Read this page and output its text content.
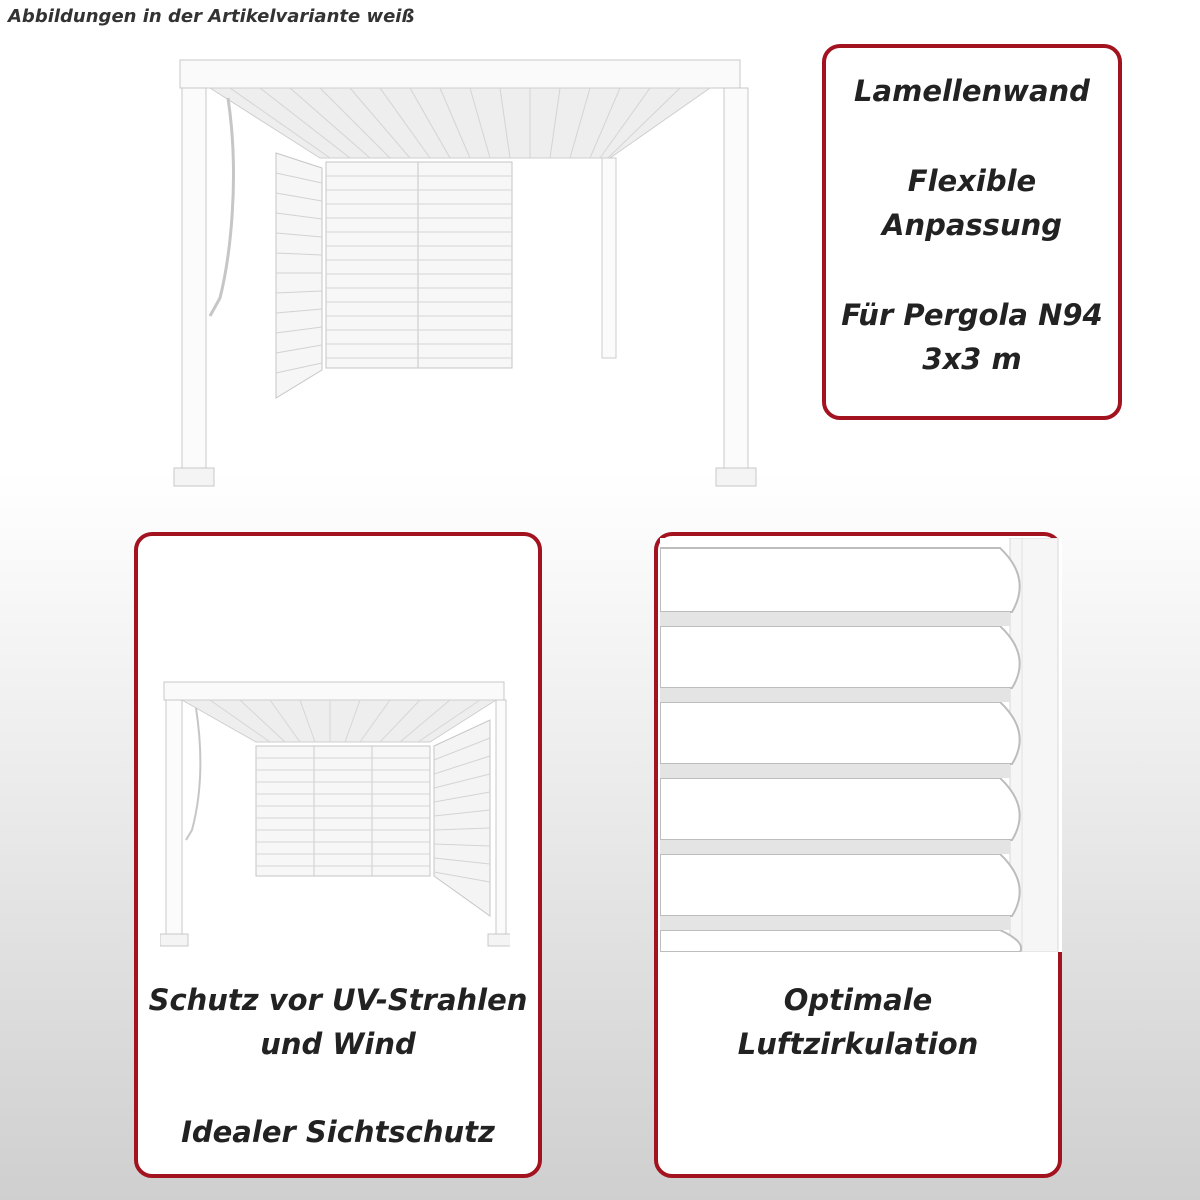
Abbildungen in der Artikelvariante weiß
Lamellenwand
Flexible
Anpassung
Für Pergola N94
3x3 m
Schutz vor UV-Strahlen
und Wind
Idealer Sichtschutz
Optimale
Luftzirkulation
